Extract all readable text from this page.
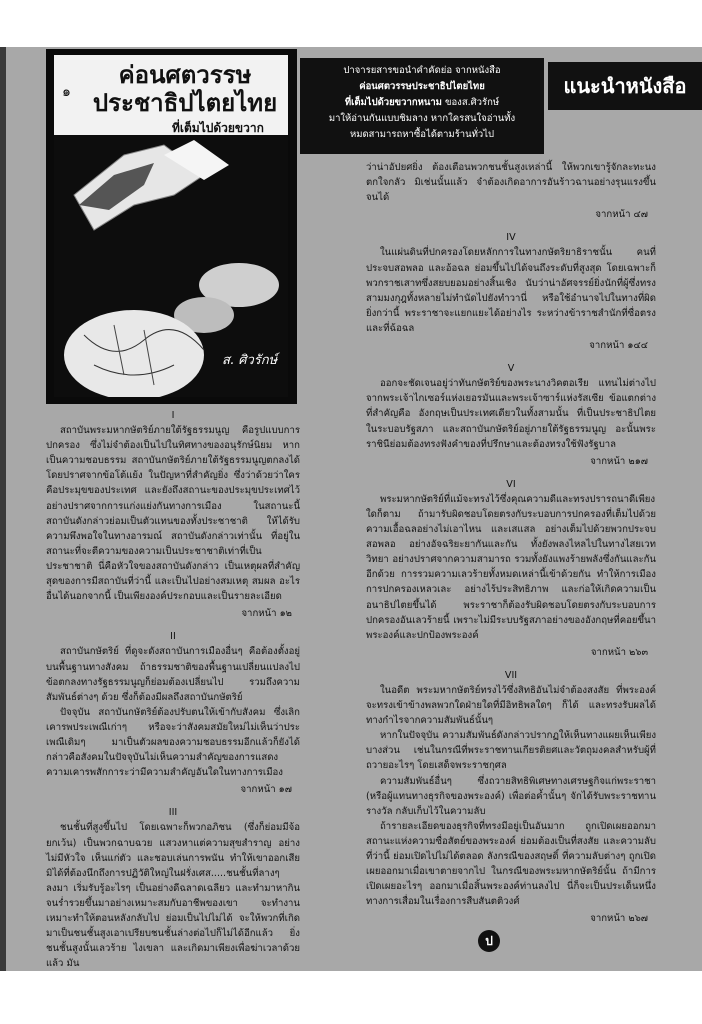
แนะนำหนังสือ
ปาจารยสารขอนำคำคัดย่อ จากหนังสือ
ค่อนศตวรรษประชาธิปไตยไทย
ที่เต็มไปด้วยขวากหนาม ของส.ศิวรักษ์
มาให้อ่านกันแบบชิมลาง หากใครสนใจอ่านทั้ง
หมดสามารถหาซื้อได้ตามร้านทั่วไป
๑
ค่อนศตวรรษ
ประชาธิปไตยไทย
ที่เต็มไปด้วยขวาก
ส. ศิวรักษ์

I

สถาบันพระมหากษัตริย์ภายใต้รัฐธรรมนูญ คือรูปแบบการปกครอง ซึ่งไม่จำต้องเป็นไปในทิศทางของอนุรักษ์นิยม หากเป็นความชอบธรรม สถาบันกษัตริย์ภายใต้รัฐธรรมนูญตกลงได้โดยปราศจากข้อโต้แย้ง ในปัญหาที่สำคัญยิ่ง ซึ่งว่าด้วยว่าใครคือประมุขของประเทศ และยังถึงสถานะของประมุขประเทศไว้อย่างปราศจากการแก่งแย่งกันทางการเมือง ในสถานะนี้สถาบันดังกล่าวย่อมเป็นตัวแทนของทั้งประชาชาติ ให้ได้รับความพึงพอใจในทางอารมณ์ สถาบันดังกล่าวเท่านั้น ที่อยู่ในสถานะที่จะตีความของความเป็นประชาชาติเท่าที่เป็นประชาชาติ นี่คือหัวใจของสถาบันดังกล่าว เป็นเหตุผลที่สำคัญสุดของการมีสถาบันที่ว่านี้ และเป็นไปอย่างสมเหตุ สมผล อะไรอื่นได้นอกจากนี้ เป็นเพียงองค์ประกอบและเป็นรายละเอียด

จากหน้า ๑๒

II

สถาบันกษัตริย์ ที่ดูจะดังสถาบันการเมืองอื่นๆ คือต้องตั้งอยู่บนพื้นฐานทางสังคม ถ้าธรรมชาติของพื้นฐานเปลี่ยนแปลงไป ข้อตกลงทางรัฐธรรมนูญก็ย่อมต้องเปลี่ยนไป รวมถึงความสัมพันธ์ต่างๆ ด้วย ซึ่งก็ต้องมีผลถึงสถาบันกษัตริย์

ปัจจุบัน สถาบันกษัตริย์ต้องปรับตนให้เข้ากับสังคม ซึ่งเลิกเคารพประเพณีเก่าๆ หรือจะว่าสังคมสมัยใหม่ไม่เห็นว่าประเพณีเดิมๆ มาเป็นตัวผลของความชอบธรรมอีกแล้วก็ยังได้ กล่าวคือสังคมในปัจจุบันไม่เห็นความสำคัญของการแสดงความเคารพสักการะว่ามีความสำคัญอันใดในทางการเมือง

จากหน้า ๑๗

III

ชนชั้นที่สูงขึ้นไป โดยเฉพาะก็พวกอภิชน (ซึ่งก็ย่อมมีจ้อยกเว้น) เป็นพวกฉาบฉวย แสวงหาแต่ความสุขสำราญ อย่างไม่มีหัวใจ เห็นแก่ตัว และชอบเล่นการพนัน ทำให้เขาออกเสียมิได้ที่ต้องนึกถึงการปฏิวัติใหญ่ในฝรั่งเศส.....ชนชั้นที่ลางๆ ลงมา เริ่มรับรู้อะไรๆ เป็นอย่างดีฉลาดเฉลียว และทำมาหากินจนร่ำรวยขึ้นมาอย่างเหมาะสมกับอาชีพของเขา จะทำงานเหมาะทำให้ตอนหลังกลับไป ย่อมเป็นไปไม่ได้ จะให้พวกที่เกิดมาเป็นชนชั้นสูงเอาเปรียบชนชั้นล่างต่อไปก็ไม่ได้อีกแล้ว ยิ่งชนชั้นสูงนั้นเลวร้าย ไงเขลา และเกิดมาเพียงเพื่อฆ่าเวลาด้วยแล้ว มัน

ว่าน่าอัปยศยิ่ง ต้องเตือนพวกชนชั้นสูงเหล่านี้ ให้พวกเขารู้จักละทะนงตกใจกลัว มิเช่นนั้นแล้ว จำต้องเกิดอาการอันร้าวฉานอย่างรุนแรงขึ้นจนได้

จากหน้า ๔๗

IV

ในแผ่นดินที่ปกครองโดยหลักการในทางกษัตริยาธิราชนั้น คนที่ประจบสอพลอ และอ้อฉล ย่อมขึ้นไปได้จนถึงระดับที่สูงสุด โดยเฉพาะก็พวกราชเสาทซึ่งสยบยอมอย่างสิ้นเชิง นับว่าน่าอัศจรรย์ยิ่งนักที่ผู้ซึ่งทรงสามมงกุฎทั้งหลายไม่ทำนัดไปยังทำวานี่ หรือใช้อำนาจไปในทางที่ผิด ยิ่งกว่านี้ พระราชาจะแยกแยะได้อย่างไร ระหว่างข้าราชสำนักที่ซื่อตรงและที่ฉ้อฉล

จากหน้า ๑๔๔

V

ออกจะชัดเจนอยู่ว่าทันกษัตริย์ของพระนางวิคตอเรีย แทนไม่ต่างไปจากพระเจ้าไกเซอร์แห่งเยอรมันและพระเจ้าซาร์แห่งรัสเซีย ข้อแตกต่างที่สำคัญคือ อังกฤษเป็นประเทศเดียวในทั้งสามนั้น ที่เป็นประชาธิปไตยในระบอบรัฐสภา และสถาบันกษัตริย์อยู่ภายใต้รัฐธรรมนูญ อะนั้นพระราชินีย่อมต้องทรงฟังคำของที่ปรึกษาและต้องทรงใช้ฟังรัฐบาล

จากหน้า ๒๑๗

VI

พระมหากษัตริย์ที่แม้จะทรงไว้ซึ่งคุณความดีและทรงปรารถนาดีเพียงใดก็ตาม ถ้ามารับผิดชอบโดยตรงกับระบอบการปกครองที่เต็มไปด้วยความเอื้อฉลอย่างไม่เอาไหน และเสแสล อย่างเต็มไปด้วยพวกประจบสอพลอ อย่างอัจฉริยะยากันและกัน ทั้งยังพลงไหลไปในทางไสยเวทวิทยา อย่างปราศจากความสามารถ รวมทั้งยังแพงร้ายพลังซึ่งกันและกันอีกด้วย การรวมความเลวร้ายทั้งหมดเหล่านี้เข้าด้วยกัน ทำให้การเมืองการปกครองเหลวเละ อย่างไร้ประสิทธิภาพ และก่อให้เกิดความเป็นอนาธิปไตยขึ้นได้ พระราชาก็ต้องรับผิดชอบโดยตรงกับระบอบการปกครองอันเลวร้ายนี้ เพราะไม่มีระบบรัฐสภาอย่างของอังกฤษที่คอยขึ้นาพระองค์และปกป้องพระองค์

จากหน้า ๒๖๓

VII

ในอดีต พระมหากษัตริย์ทรงไว้ซึ่งสิทธิอันไม่จำต้องสงสัย ที่พระองค์จะทรงเข้าข้างพลพวกใดฝ่ายใดที่มีอิทธิพลใดๆ ก็ได้ และทรงรับผลได้ทางกำไรจากความสัมพันธ์นั้นๆ

หากในปัจจุบัน ความสัมพันธ์ดังกล่าวปรากฏให้เห็นทางแผยเห็นเพียงบางส่วน เช่นในกรณีที่พระราชทานเกียรติยศและวัตถุมงคลสำหรับผู้ที่ถวายอะไรๆ โดยเสด็จพระราชกุศล

ความสัมพันธ์อื่นๆ ซึ่งถวายสิทธิพิเศษทางเศรษฐกิจแก่พระราชา (หรือผู้แทนทางธุรกิจของพระองค์) เพื่อต่อค้ำนั้นๆ จักได้รับพระราชทานรางวัล กลับเก็บไว้ในความลับ

ถ้ารายละเอียดของธุรกิจที่ทรงมีอยู่เป็นอันมาก ถูกเปิดเผยออกมา สถานะแห่งความซื่อสัตย์ของพระองค์ ย่อมต้องเป็นที่สงสัย และความลับที่ว่านี้ ย่อมเปิดไปไม่ได้ตลอด ลังกรณีของสฤษดิ์ ที่ความลับต่างๆ ถูกเปิดเผยออกมาเมื่อเขาตายจากไป ในกรณีของพระมหากษัตริย์นั้น ถ้ามีการเปิดเผยอะไรๆ ออกมาเมื่อสิ้นพระองค์ท่านลงไป นี่ก็จะเป็นประเด็นหนึ่งทางการเสื่อมในเรื่องการสืบสันตติวงศ์

จากหน้า ๒๖๗

ป
